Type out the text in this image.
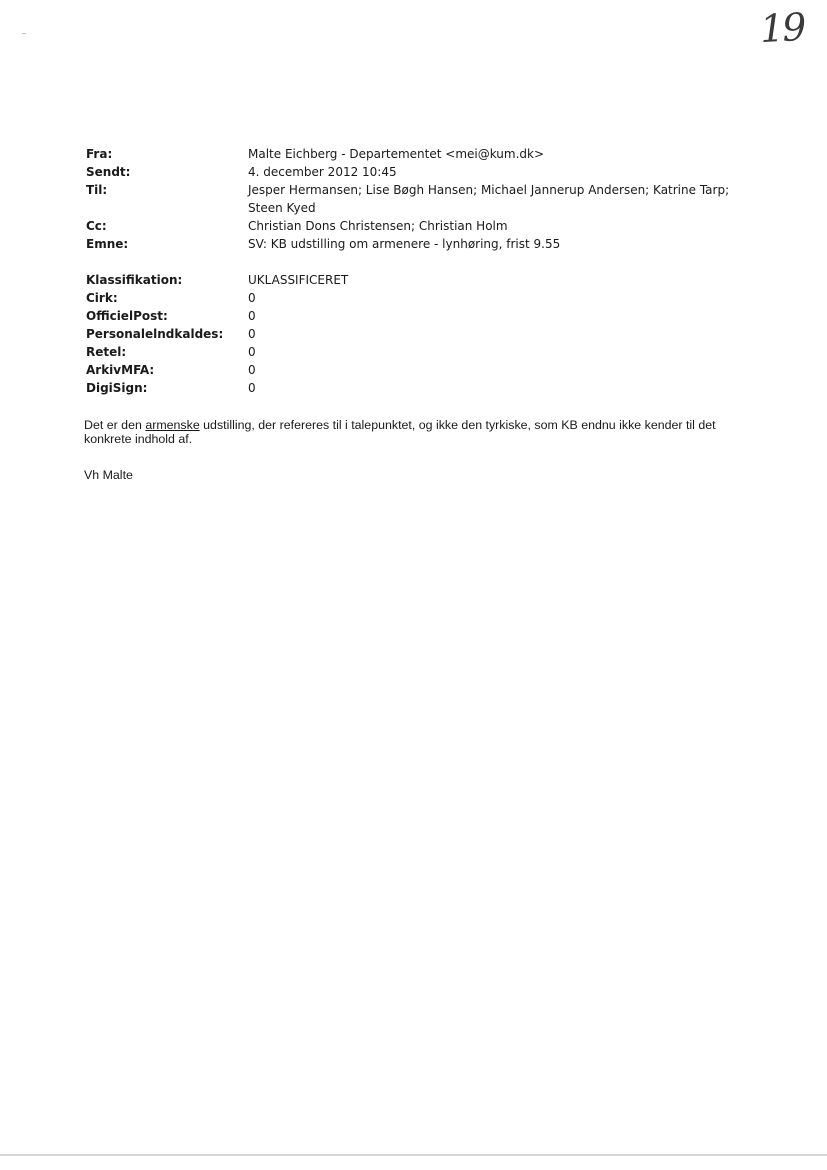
19
Fra:	Malte Eichberg - Departementet <mei@kum.dk>
Sendt:	4. december 2012 10:45
Til:	Jesper Hermansen; Lise Bøgh Hansen; Michael Jannerup Andersen; Katrine Tarp;
Steen Kyed
Cc:	Christian Dons Christensen; Christian Holm
Emne:	SV: KB udstilling om armenere - lynhøring, frist 9.55
Klassifikation:	UKLASSIFICERET
Cirk:	0
OfficielPost:	0
Personalelndkaldes:	0
Retel:	0
ArkivMFA:	0
DigiSign:	0
Det er den armenske udstilling, der refereres til i talepunktet, og ikke den tyrkiske, som KB endnu ikke kender til det konkrete indhold af.
Vh Malte
